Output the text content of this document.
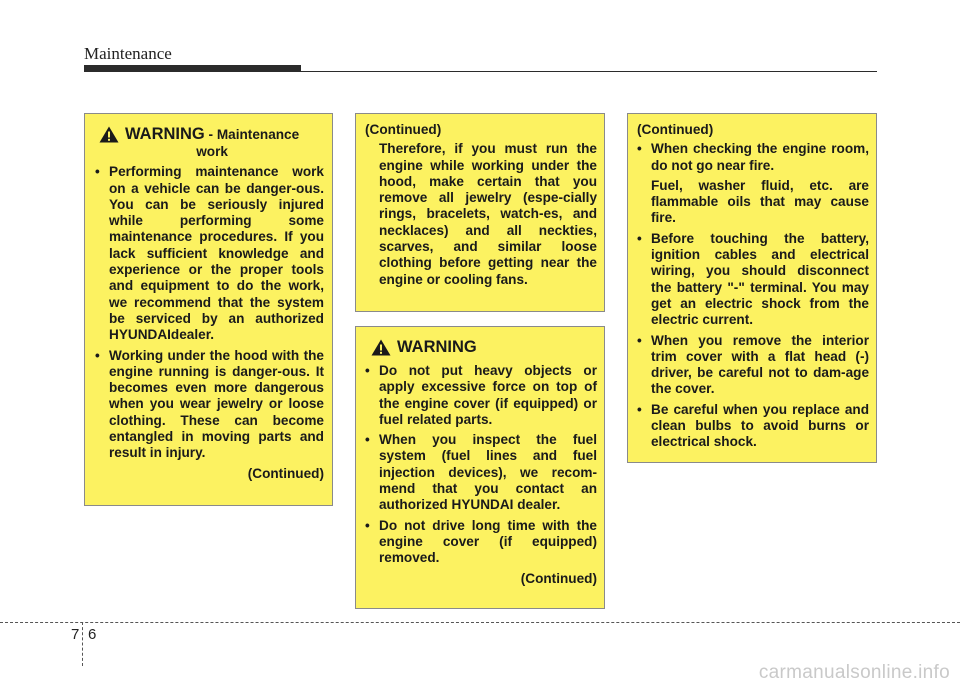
Maintenance
WARNING - Maintenance
work
• Performing maintenance work on a vehicle can be danger-ous. You can be seriously injured while performing some maintenance procedures. If you lack sufficient knowledge and experience or the proper tools and equipment to do the work, we recommend that the system be serviced by an authorized HYUNDAIdealer.
• Working under the hood with the engine running is danger-ous. It becomes even more dangerous when you wear jewelry or loose clothing. These can become entangled in moving parts and result in injury.
(Continued)
(Continued)
Therefore, if you must run the engine while working under the hood, make certain that you remove all jewelry (espe-cially rings, bracelets, watch-es, and necklaces) and all neckties, scarves, and similar loose clothing before getting near the engine or cooling fans.
WARNING
• Do not put heavy objects or apply excessive force on top of the engine cover (if equipped) or fuel related parts.
• When you inspect the fuel system (fuel lines and fuel injection devices), we recom-mend that you contact an authorized HYUNDAI dealer.
• Do not drive long time with the engine cover (if equipped) removed.
(Continued)
(Continued)
• When checking the engine room, do not go near fire.
Fuel, washer fluid, etc. are flammable oils that may cause fire.
• Before touching the battery, ignition cables and electrical wiring, you should disconnect the battery "-" terminal. You may get an electric shock from the electric current.
• When you remove the interior trim cover with a flat head (-) driver, be careful not to dam-age the cover.
• Be careful when you replace and clean bulbs to avoid burns or electrical shock.
7 6
carmanualsonline.info
